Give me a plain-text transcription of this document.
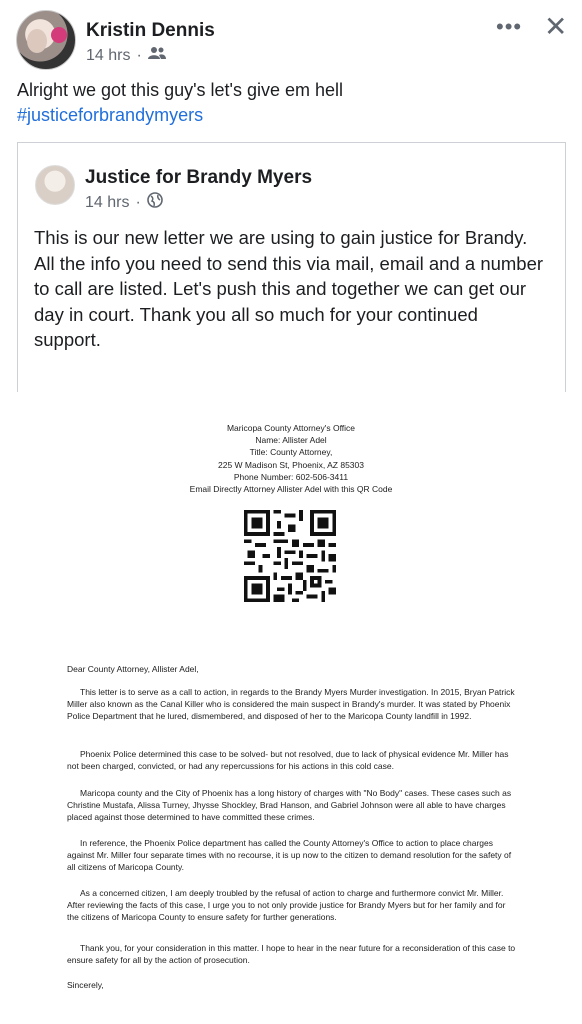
Kristin Dennis
14 hrs ·
••• ✕
Alright we got this guy's let's give em hell
#justiceforbrandymyers
Justice for Brandy Myers
14 hrs ·
This is our new letter we are using to gain justice for Brandy.
All the info you need to send this via mail, email and a number to call are listed. Let's push this and together we can get our day in court. Thank you all so much for your continued support.
Maricopa County Attorney's Office
Name: Allister Adel
Title: County Attorney,
225 W Madison St, Phoenix, AZ 85303
Phone Number: 602-506-3411
Email Directly Attorney Allister Adel with this QR Code
Dear County Attorney, Allister Adel,
This letter is to serve as a call to action, in regards to the Brandy Myers Murder investigation. In 2015, Bryan Patrick Miller also known as the Canal Killer who is considered the main suspect in Brandy's murder. It was stated by Phoenix Police Department that he lured, dismembered, and disposed of her to the Maricopa County landfill in 1992.
Phoenix Police determined this case to be solved- but not resolved, due to lack of physical evidence Mr. Miller has not been charged, convicted, or had any repercussions for his actions in this cold case.
Maricopa county and the City of Phoenix has a long history of charges with "No Body" cases. These cases such as Christine Mustafa, Alissa Turney, Jhysse Shockley, Brad Hanson, and Gabriel Johnson were all able to have charges placed against those determined to have committed these crimes.
In reference, the Phoenix Police department has called the County Attorney's Office to action to place charges against Mr. Miller four separate times with no recourse, it is up now to the citizen to demand resolution for the safety of all citizens of Maricopa County.
As a concerned citizen, I am deeply troubled by the refusal of action to charge and furthermore convict Mr. Miller. After reviewing the facts of this case, I urge you to not only provide justice for Brandy Myers but for her family and for the citizens of Maricopa County to ensure safety for further generations.
Thank you, for your consideration in this matter. I hope to hear in the near future for a reconsideration of this case to ensure safety for all by the action of prosecution.
Sincerely,
